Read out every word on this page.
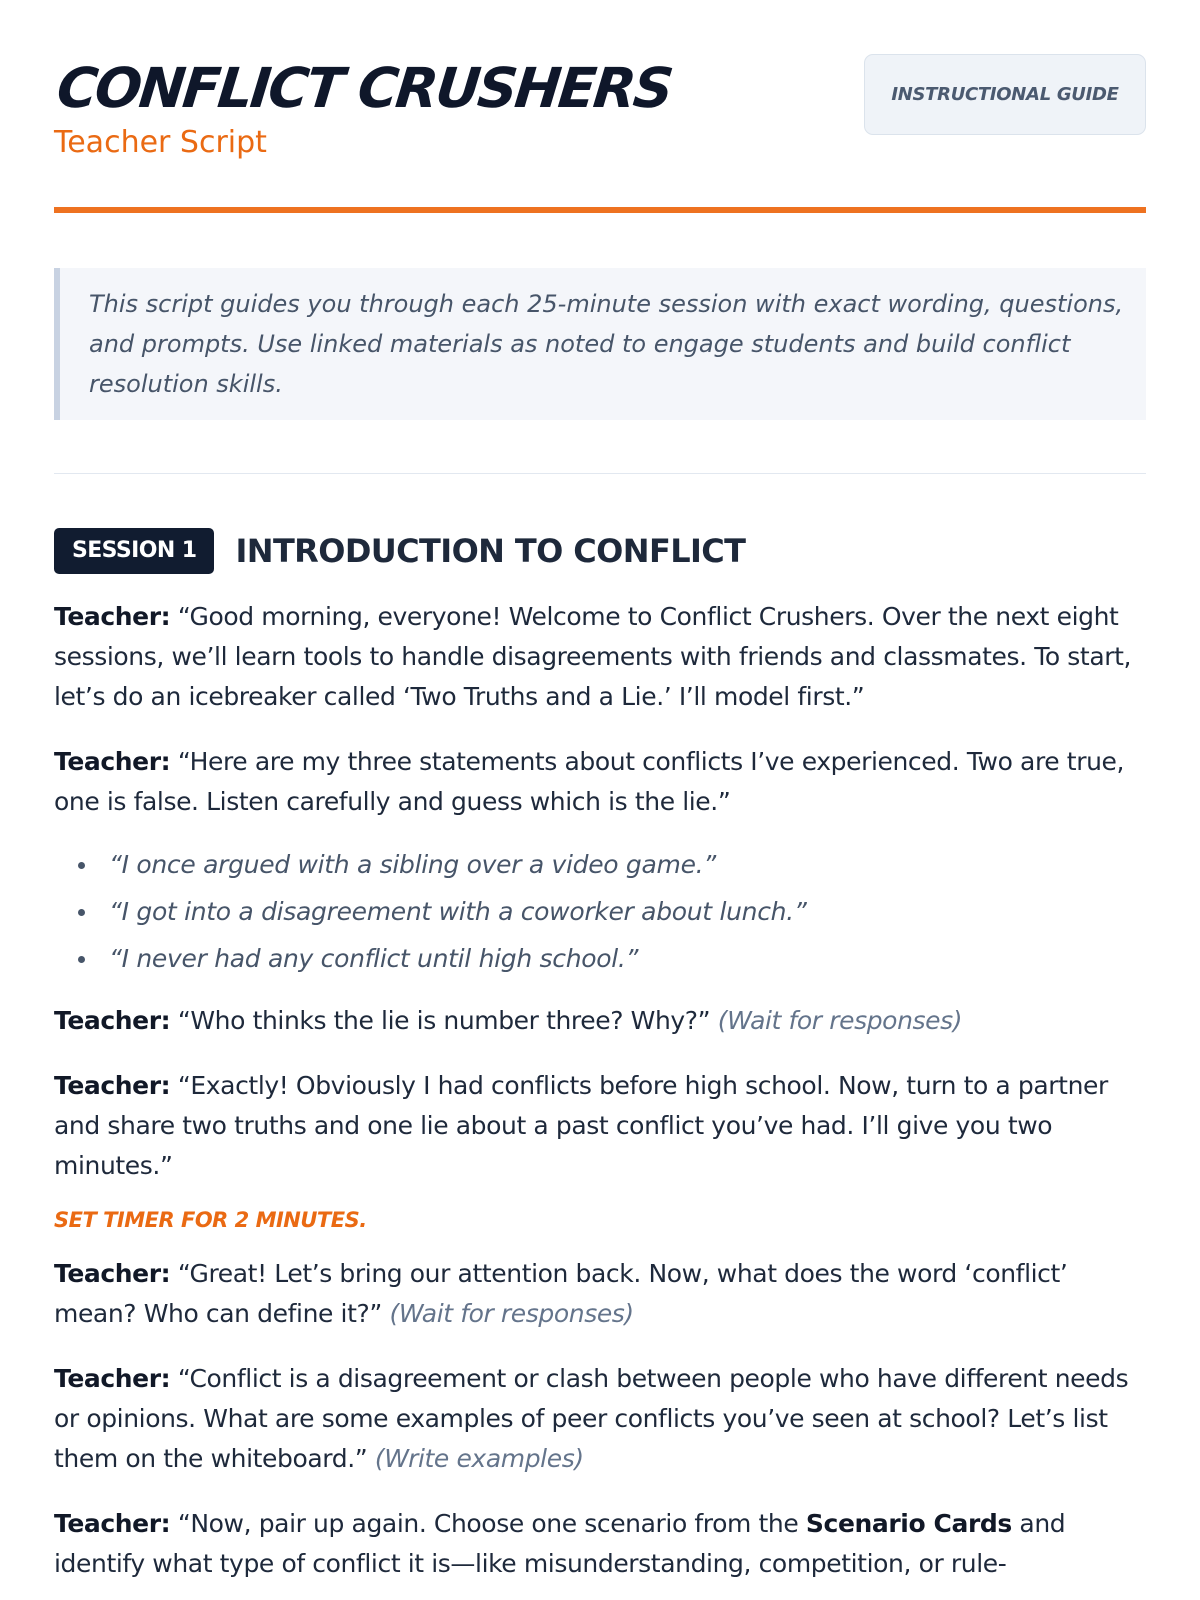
CONFLICT CRUSHERS
Teacher Script
INSTRUCTIONAL GUIDE
This script guides you through each 25-minute session with exact wording, questions, and prompts. Use linked materials as noted to engage students and build conflict resolution skills.
SESSION 1	INTRODUCTION TO CONFLICT

Teacher: “Good morning, everyone! Welcome to Conflict Crushers. Over the next eight sessions, we’ll learn tools to handle disagreements with friends and classmates. To start, let’s do an icebreaker called ‘Two Truths and a Lie.’ I’ll model first.”

Teacher: “Here are my three statements about conflicts I’ve experienced. Two are true, one is false. Listen carefully and guess which is the lie.”

“I once argued with a sibling over a video game.”
“I got into a disagreement with a coworker about lunch.”
“I never had any conflict until high school.”

Teacher: “Who thinks the lie is number three? Why?” (Wait for responses)

Teacher: “Exactly! Obviously I had conflicts before high school. Now, turn to a partner and share two truths and one lie about a past conflict you’ve had. I’ll give you two minutes.”

SET TIMER FOR 2 MINUTES.

Teacher: “Great! Let’s bring our attention back. Now, what does the word ‘conflict’ mean? Who can define it?” (Wait for responses)

Teacher: “Conflict is a disagreement or clash between people who have different needs or opinions. What are some examples of peer conflicts you’ve seen at school? Let’s list them on the whiteboard.” (Write examples)

Teacher: “Now, pair up again. Choose one scenario from the Scenario Cards and identify what type of conflict it is—like misunderstanding, competition, or rule-
